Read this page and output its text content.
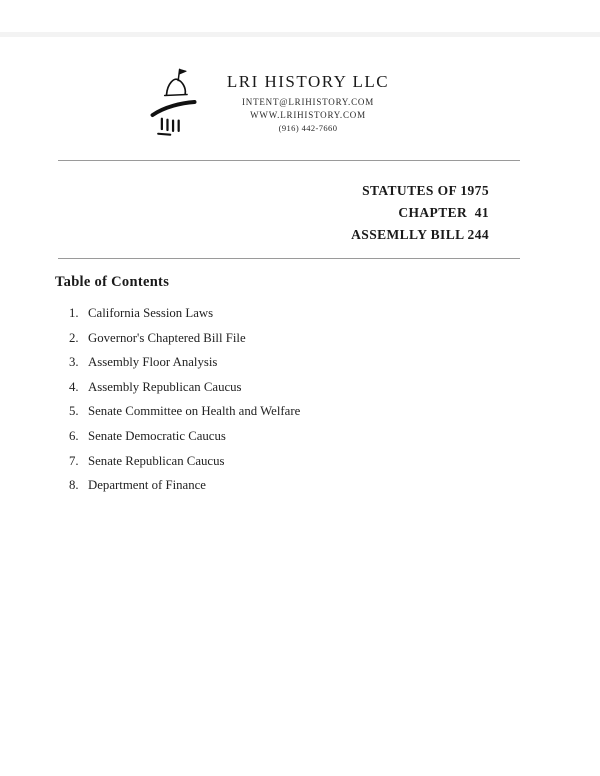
LRI HISTORY LLC
INTENT@LRIHISTORY.COM
WWW.LRIHISTORY.COM
(916) 442-7660
STATUTES OF 1975
CHAPTER  41
ASSEMLLY BILL 244
Table of Contents
1. California Session Laws
2. Governor's Chaptered Bill File
3. Assembly Floor Analysis
4. Assembly Republican Caucus
5. Senate Committee on Health and Welfare
6. Senate Democratic Caucus
7. Senate Republican Caucus
8. Department of Finance
